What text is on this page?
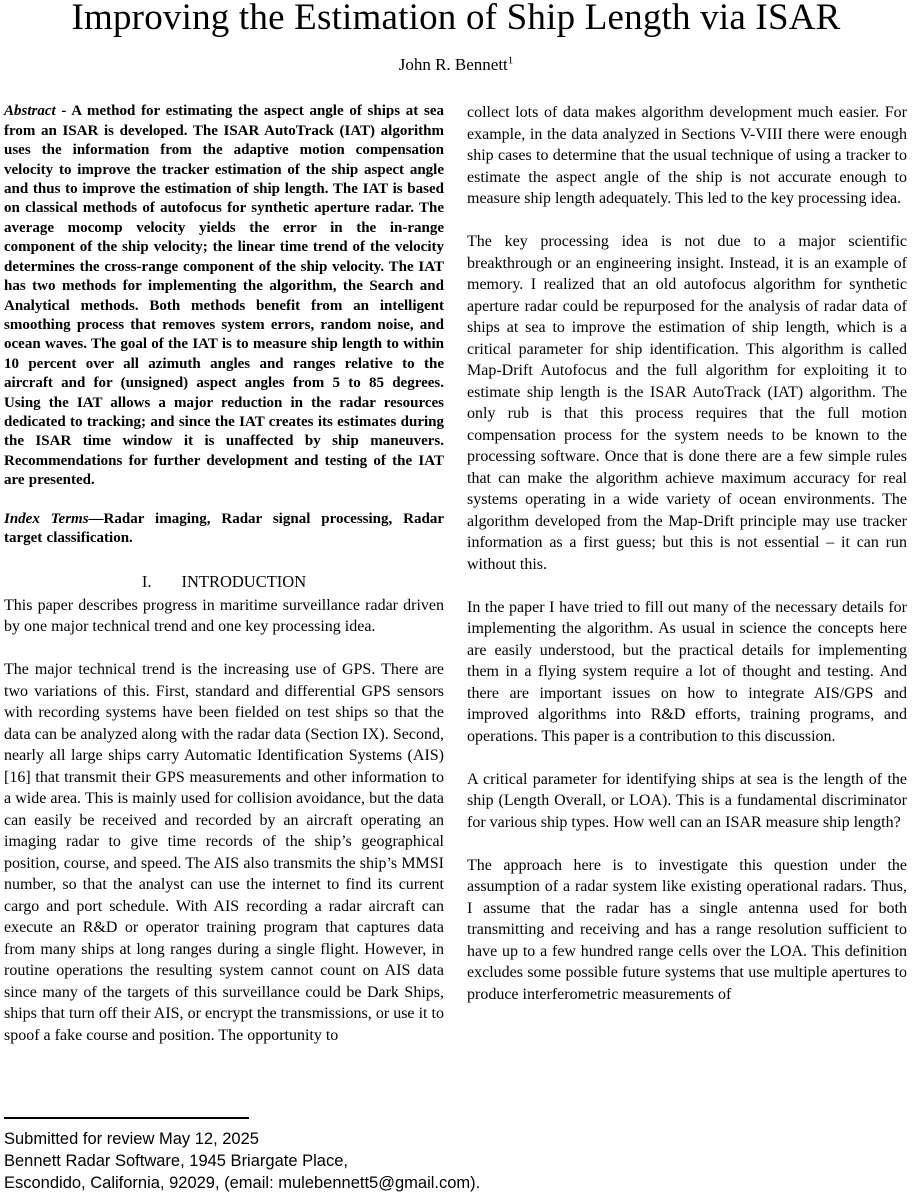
Improving the Estimation of Ship Length via ISAR
John R. Bennett$^1$

Abstract - A method for estimating the aspect angle of ships at sea from an ISAR is developed. The ISAR AutoTrack (IAT) algorithm uses the information from the adaptive motion compensation velocity to improve the tracker estimation of the ship aspect angle and thus to improve the estimation of ship length. The IAT is based on classical methods of autofocus for synthetic aperture radar. The average mocomp velocity yields the error in the in-range component of the ship velocity; the linear time trend of the velocity determines the cross-range component of the ship velocity. The IAT has two methods for implementing the algorithm, the Search and Analytical methods. Both methods benefit from an intelligent smoothing process that removes system errors, random noise, and ocean waves. The goal of the IAT is to measure ship length to within 10 percent over all azimuth angles and ranges relative to the aircraft and for (unsigned) aspect angles from 5 to 85 degrees. Using the IAT allows a major reduction in the radar resources dedicated to tracking; and since the IAT creates its estimates during the ISAR time window it is unaffected by ship maneuvers. Recommendations for further development and testing of the IAT are presented.

Index Terms—Radar imaging, Radar signal processing, Radar target classification.

I. INTRODUCTION

This paper describes progress in maritime surveillance radar driven by one major technical trend and one key processing idea.

The major technical trend is the increasing use of GPS. There are two variations of this. First, standard and differential GPS sensors with recording systems have been fielded on test ships so that the data can be analyzed along with the radar data (Section IX). Second, nearly all large ships carry Automatic Identification Systems (AIS) [16] that transmit their GPS measurements and other information to a wide area. This is mainly used for collision avoidance, but the data can easily be received and recorded by an aircraft operating an imaging radar to give time records of the ship’s geographical position, course, and speed. The AIS also transmits the ship’s MMSI number, so that the analyst can use the internet to find its current cargo and port schedule. With AIS recording a radar aircraft can execute an R&D or operator training program that captures data from many ships at long ranges during a single flight. However, in routine operations the resulting system cannot count on AIS data since many of the targets of this surveillance could be Dark Ships, ships that turn off their AIS, or encrypt the transmissions, or use it to spoof a fake course and position. The opportunity to

collect lots of data makes algorithm development much easier. For example, in the data analyzed in Sections V-VIII there were enough ship cases to determine that the usual technique of using a tracker to estimate the aspect angle of the ship is not accurate enough to measure ship length adequately. This led to the key processing idea.

The key processing idea is not due to a major scientific breakthrough or an engineering insight. Instead, it is an example of memory. I realized that an old autofocus algorithm for synthetic aperture radar could be repurposed for the analysis of radar data of ships at sea to improve the estimation of ship length, which is a critical parameter for ship identification. This algorithm is called Map-Drift Autofocus and the full algorithm for exploiting it to estimate ship length is the ISAR AutoTrack (IAT) algorithm. The only rub is that this process requires that the full motion compensation process for the system needs to be known to the processing software. Once that is done there are a few simple rules that can make the algorithm achieve maximum accuracy for real systems operating in a wide variety of ocean environments. The algorithm developed from the Map-Drift principle may use tracker information as a first guess; but this is not essential – it can run without this.

In the paper I have tried to fill out many of the necessary details for implementing the algorithm. As usual in science the concepts here are easily understood, but the practical details for implementing them in a flying system require a lot of thought and testing. And there are important issues on how to integrate AIS/GPS and improved algorithms into R&D efforts, training programs, and operations. This paper is a contribution to this discussion.

A critical parameter for identifying ships at sea is the length of the ship (Length Overall, or LOA). This is a fundamental discriminator for various ship types. How well can an ISAR measure ship length?

The approach here is to investigate this question under the assumption of a radar system like existing operational radars. Thus, I assume that the radar has a single antenna used for both transmitting and receiving and has a range resolution sufficient to have up to a few hundred range cells over the LOA. This definition excludes some possible future systems that use multiple apertures to produce interferometric measurements of

Submitted for review May 12, 2025
Bennett Radar Software, 1945 Briargate Place,
Escondido, California, 92029, (email: mulebennett5@gmail.com).
